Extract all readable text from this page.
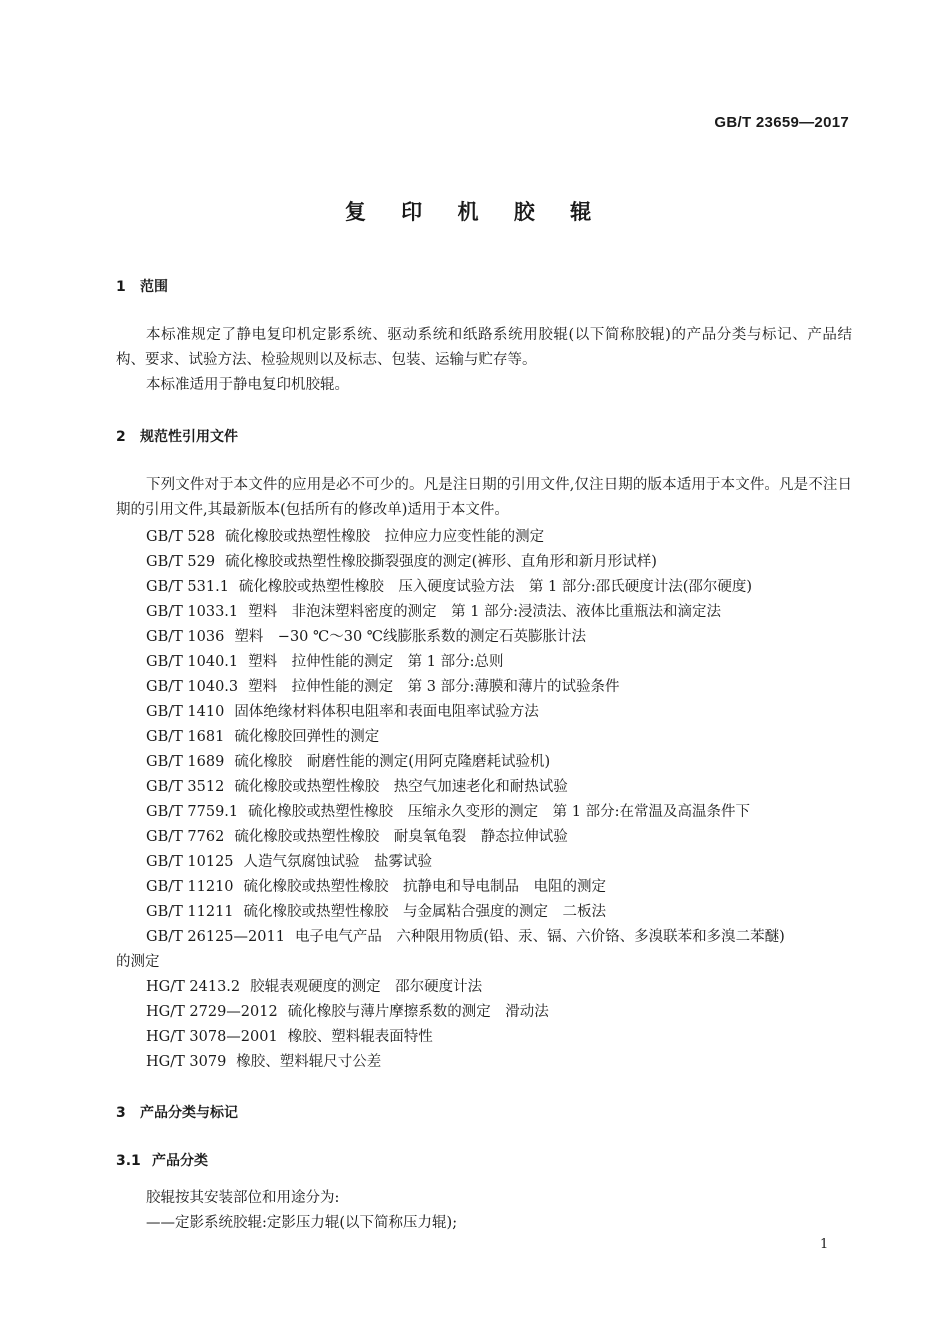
GB/T 23659—2017
复 印 机 胶 辊
1 范围

本标准规定了静电复印机定影系统、驱动系统和纸路系统用胶辊(以下简称胶辊)的产品分类与标记、产品结构、要求、试验方法、检验规则以及标志、包装、运输与贮存等。

本标准适用于静电复印机胶辊。

2 规范性引用文件

下列文件对于本文件的应用是必不可少的。凡是注日期的引用文件,仅注日期的版本适用于本文件。凡是不注日期的引用文件,其最新版本(包括所有的修改单)适用于本文件。

GB/T 528 硫化橡胶或热塑性橡胶　拉伸应力应变性能的测定
GB/T 529 硫化橡胶或热塑性橡胶撕裂强度的测定(裤形、直角形和新月形试样)
GB/T 531.1 硫化橡胶或热塑性橡胶　压入硬度试验方法　第 1 部分:邵氏硬度计法(邵尔硬度)
GB/T 1033.1 塑料　非泡沫塑料密度的测定　第 1 部分:浸渍法、液体比重瓶法和滴定法
GB/T 1036 塑料　−30 ℃～30 ℃线膨胀系数的测定石英膨胀计法
GB/T 1040.1 塑料　拉伸性能的测定　第 1 部分:总则
GB/T 1040.3 塑料　拉伸性能的测定　第 3 部分:薄膜和薄片的试验条件
GB/T 1410 固体绝缘材料体积电阻率和表面电阻率试验方法
GB/T 1681 硫化橡胶回弹性的测定
GB/T 1689 硫化橡胶　耐磨性能的测定(用阿克隆磨耗试验机)
GB/T 3512 硫化橡胶或热塑性橡胶　热空气加速老化和耐热试验
GB/T 7759.1 硫化橡胶或热塑性橡胶　压缩永久变形的测定　第 1 部分:在常温及高温条件下
GB/T 7762 硫化橡胶或热塑性橡胶　耐臭氧龟裂　静态拉伸试验
GB/T 10125 人造气氛腐蚀试验　盐雾试验
GB/T 11210 硫化橡胶或热塑性橡胶　抗静电和导电制品　电阻的测定
GB/T 11211 硫化橡胶或热塑性橡胶　与金属粘合强度的测定　二板法
GB/T 26125—2011 电子电气产品　六种限用物质(铅、汞、镉、六价铬、多溴联苯和多溴二苯醚)
的测定
HG/T 2413.2 胶辊表观硬度的测定　邵尔硬度计法
HG/T 2729—2012 硫化橡胶与薄片摩擦系数的测定　滑动法
HG/T 3078—2001 橡胶、塑料辊表面特性
HG/T 3079 橡胶、塑料辊尺寸公差
3 产品分类与标记
3.1 产品分类
胶辊按其安装部位和用途分为:
——定影系统胶辊:定影压力辊(以下简称压力辊);
1
